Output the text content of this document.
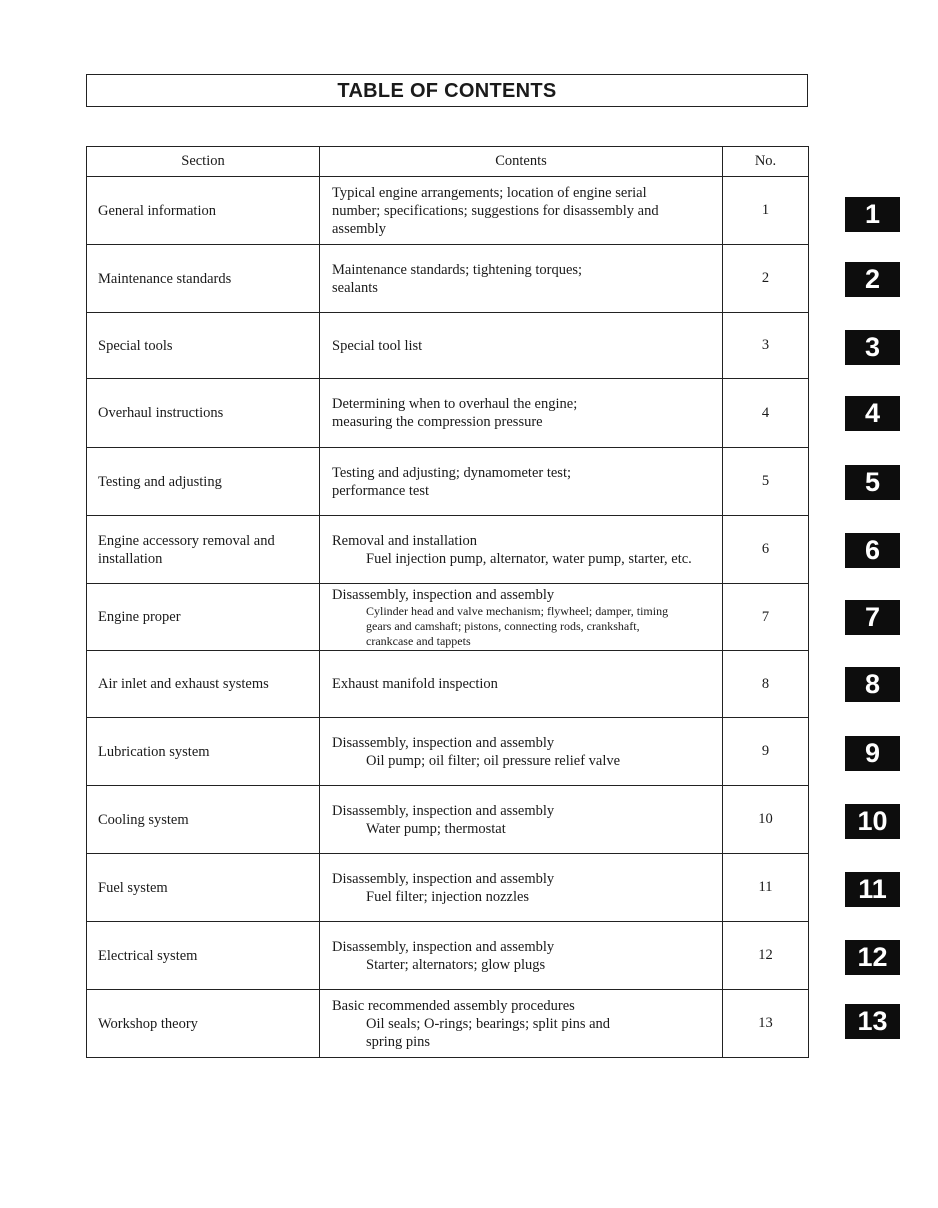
TABLE OF CONTENTS
Section	Contents	No.
General information	Typical engine arrangements; location of engine serial
number; specifications; suggestions for disassembly and
assembly	1
Maintenance standards	Maintenance standards; tightening torques;
sealants	2
Special tools	Special tool list	3
Overhaul instructions	Determining when to overhaul the engine;
measuring the compression pressure	4
Testing and adjusting	Testing and adjusting; dynamometer test;
performance test	5
Engine accessory removal and installation	Removal and installation
Fuel injection pump, alternator, water pump, starter, etc.	6
Engine proper	Disassembly, inspection and assembly
Cylinder head and valve mechanism; flywheel; damper, timing
gears and camshaft; pistons, connecting rods, crankshaft,
crankcase and tappets	7
Air inlet and exhaust systems	Exhaust manifold inspection	8
Lubrication system	Disassembly, inspection and assembly
Oil pump; oil filter; oil pressure relief valve	9
Cooling system	Disassembly, inspection and assembly
Water pump; thermostat	10
Fuel system	Disassembly, inspection and assembly
Fuel filter; injection nozzles	11
Electrical system	Disassembly, inspection and assembly
Starter; alternators; glow plugs	12
Workshop theory	Basic recommended assembly procedures
Oil seals; O-rings; bearings; split pins and
spring pins	13
1
2
3
4
5
6
7
8
9
10
11
12
13
